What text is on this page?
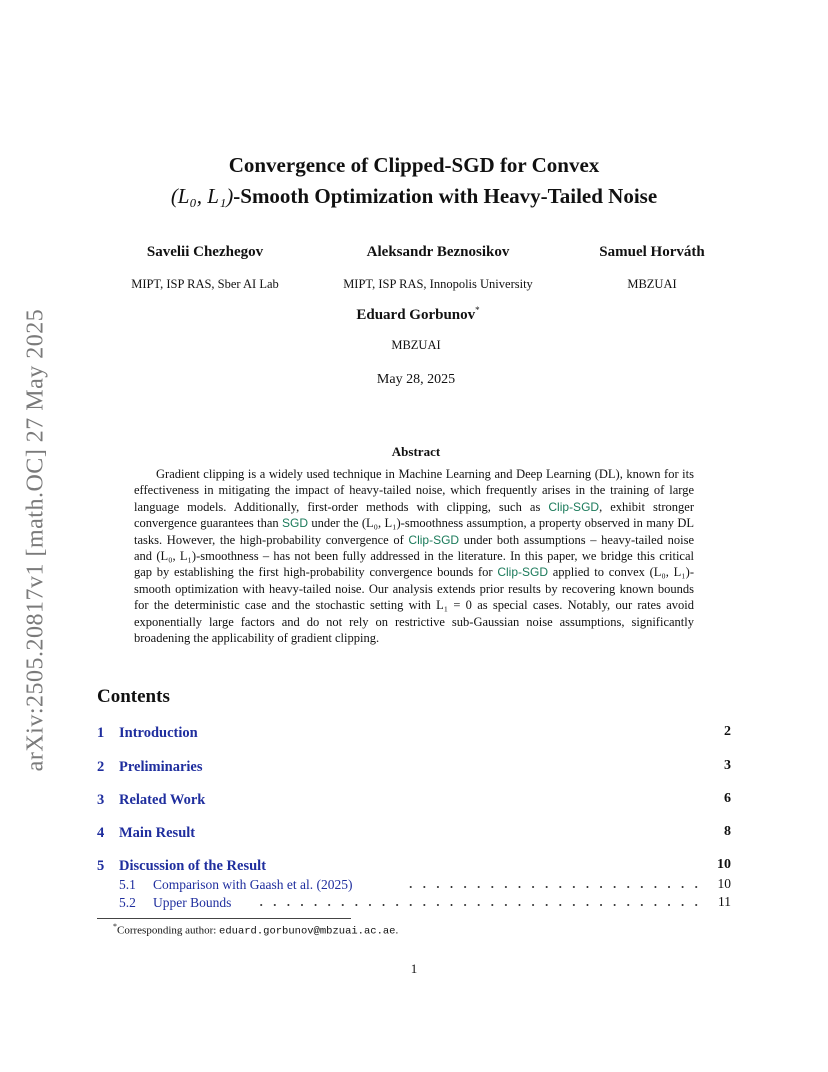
arXiv:2505.20817v1 [math.OC] 27 May 2025
Convergence of Clipped-SGD for Convex
(L₀, L₁)-Smooth Optimization with Heavy-Tailed Noise
Savelii Chezhegov
MIPT, ISP RAS, Sber AI Lab
Aleksandr Beznosikov
MIPT, ISP RAS, Innopolis University
Samuel Horváth
MBZUAI
Eduard Gorbunov*
MBZUAI
May 28, 2025
Abstract
Gradient clipping is a widely used technique in Machine Learning and Deep Learning (DL), known for its effectiveness in mitigating the impact of heavy-tailed noise, which frequently arises in the training of large language models. Additionally, first-order methods with clipping, such as Clip-SGD, exhibit stronger convergence guarantees than SGD under the (L₀, L₁)-smoothness assumption, a property observed in many DL tasks. However, the high-probability convergence of Clip-SGD under both assumptions – heavy-tailed noise and (L₀, L₁)-smoothness – has not been fully addressed in the literature. In this paper, we bridge this critical gap by establishing the first high-probability convergence bounds for Clip-SGD applied to convex (L₀, L₁)-smooth optimization with heavy-tailed noise. Our analysis extends prior results by recovering known bounds for the deterministic case and the stochastic setting with L₁ = 0 as special cases. Notably, our rates avoid exponentially large factors and do not rely on restrictive sub-Gaussian noise assumptions, significantly broadening the applicability of gradient clipping.
Contents
1 Introduction	2
2 Preliminaries	3
3 Related Work	6
4 Main Result	8
5 Discussion of the Result	10
5.1 Comparison with Gaash et al. (2025)	10
5.2 Upper Bounds	11
*Corresponding author: eduard.gorbunov@mbzuai.ac.ae.
1
